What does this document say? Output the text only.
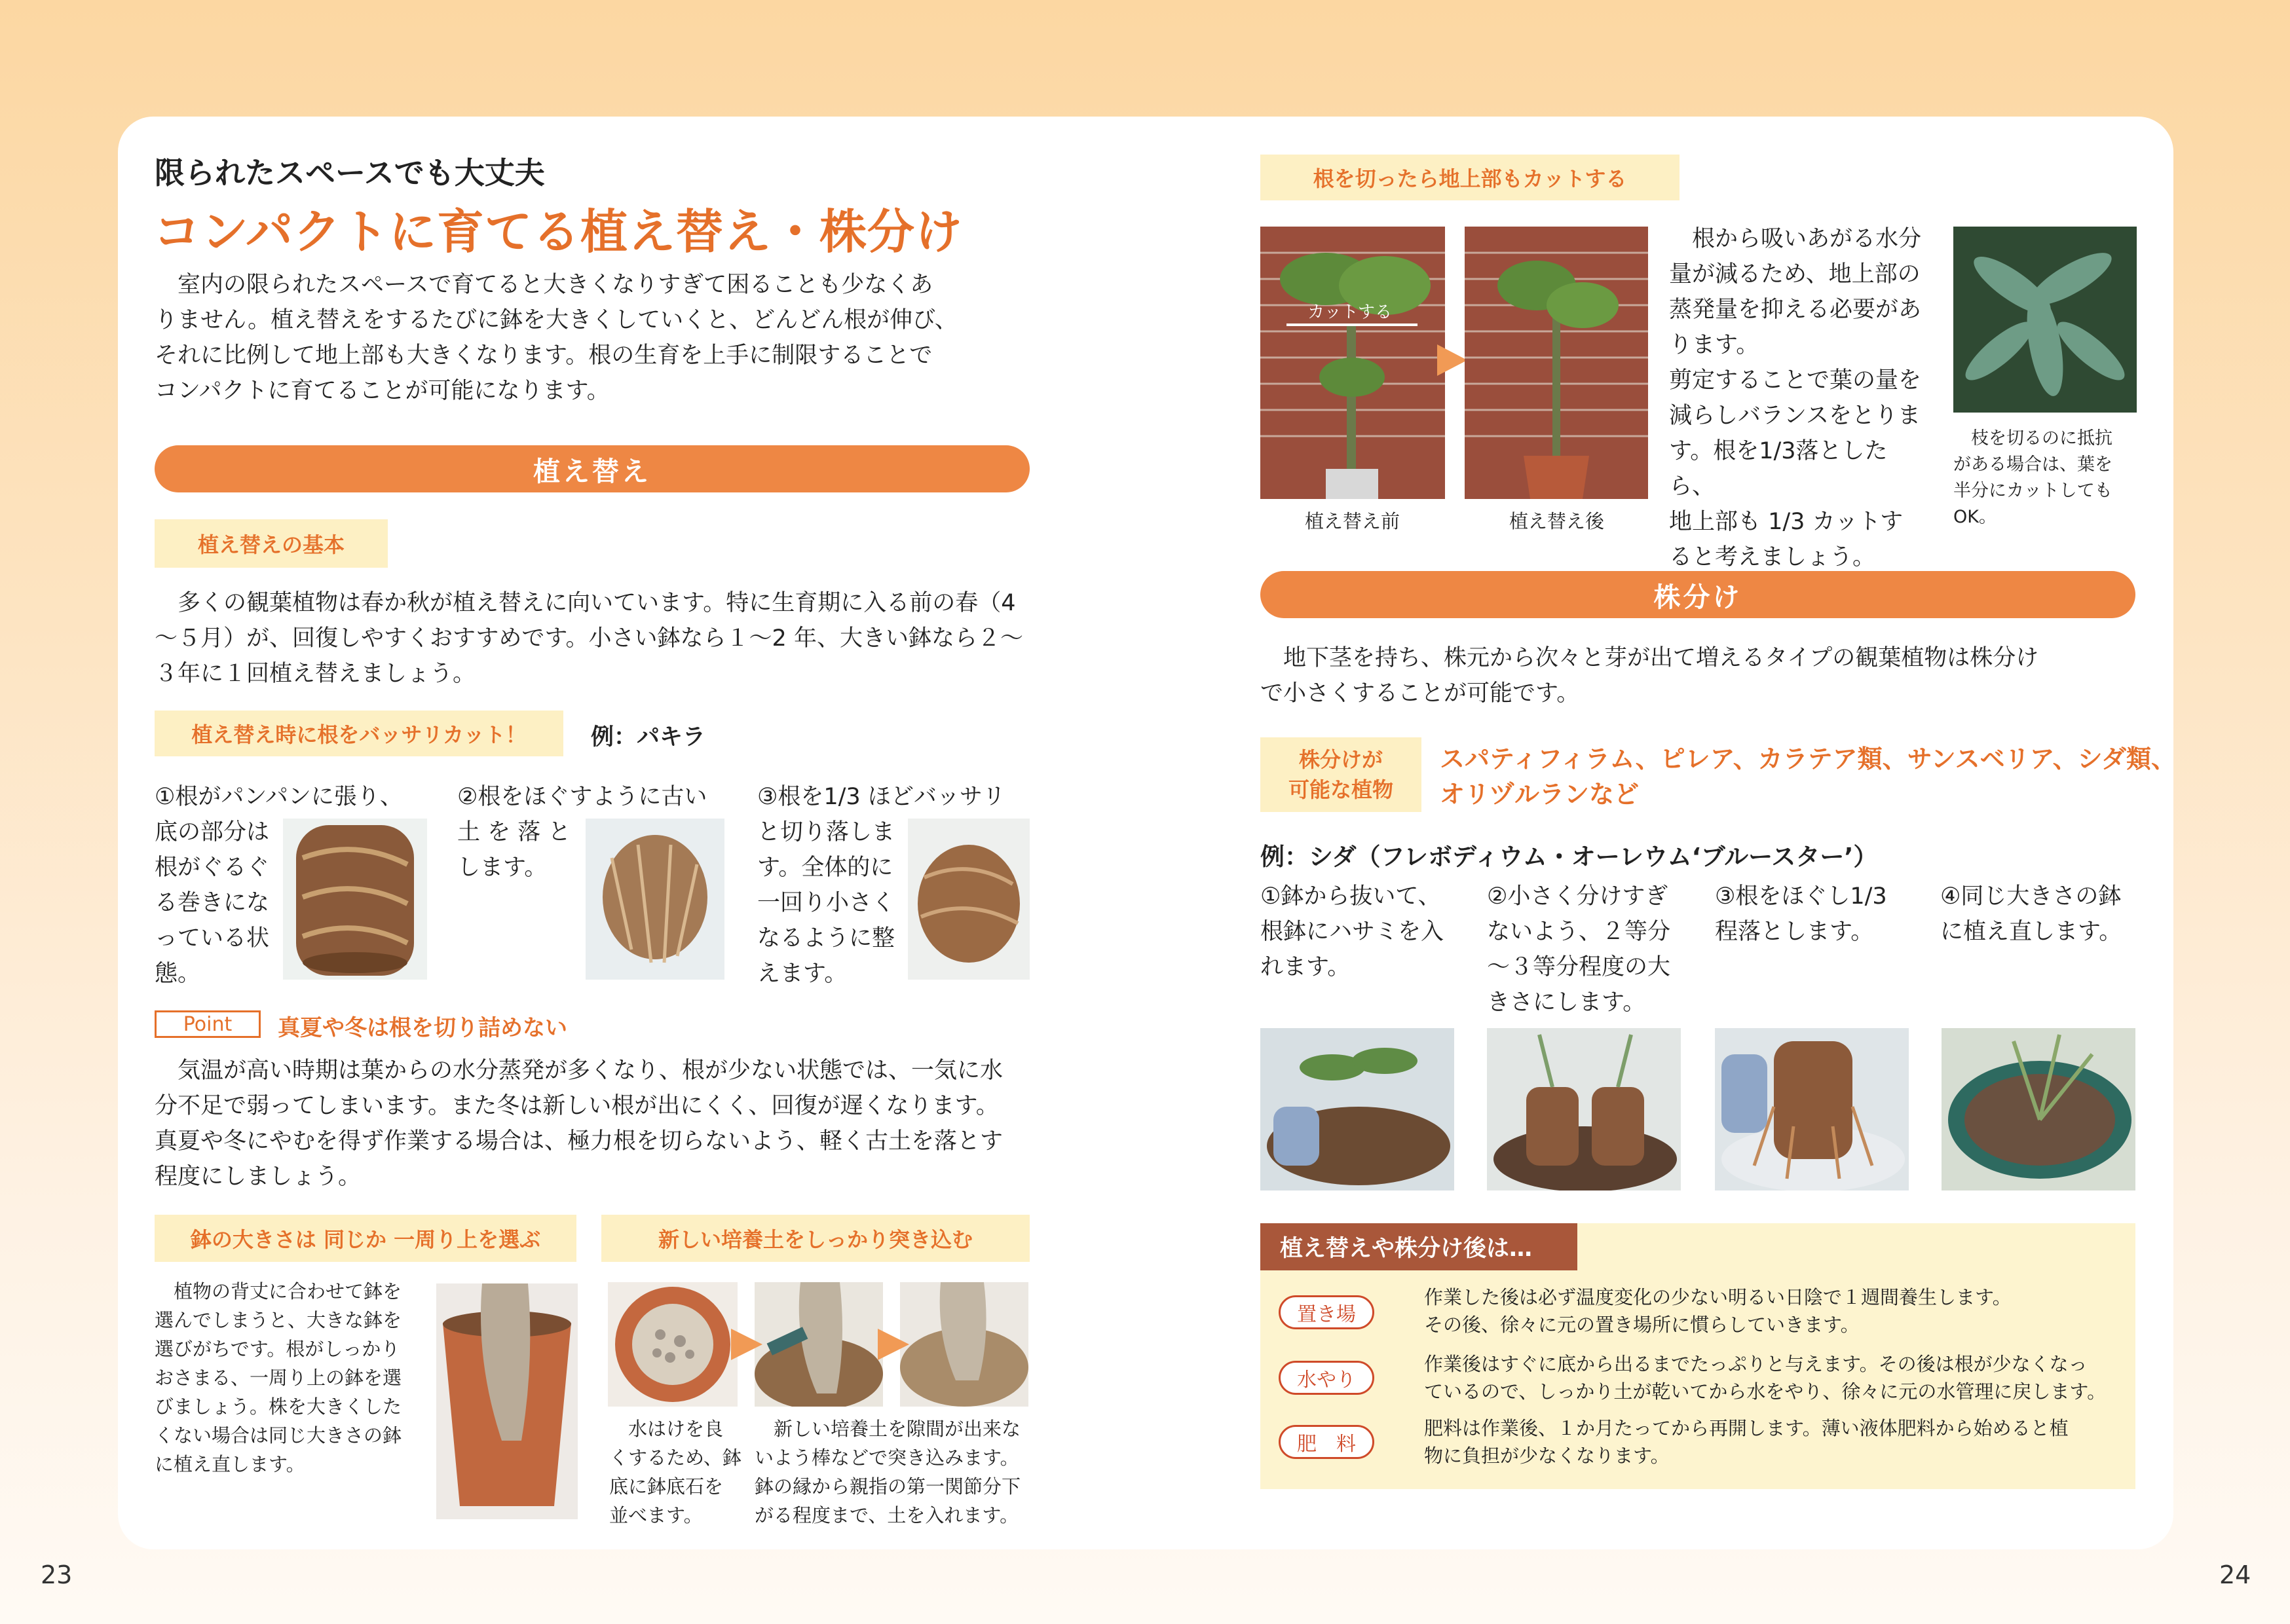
23	24
限られたスペースでも大丈夫
コンパクトに育てる植え替え・株分け
　室内の限られたスペースで育てると大きくなりすぎて困ることも少なくあ
りません。植え替えをするたびに鉢を大きくしていくと、どんどん根が伸び、
それに比例して地上部も大きくなります。根の生育を上手に制限することで
コンパクトに育てることが可能になります。
植え替え
植え替えの基本
　多くの観葉植物は春か秋が植え替えに向いています。特に生育期に入る前の春（4
～５月）が、回復しやすくおすすめです。小さい鉢なら１～2 年、大きい鉢なら２～
３年に１回植え替えましょう。
植え替え時に根をバッサリカット！	例：パキラ
①根がパンパンに張り、
底の部分は
根がぐるぐ
る巻きにな
っている状
態。
②根をほぐすように古い
土 を 落 と
します。
③根を1/3 ほどバッサリ
と切り落しま
す。全体的に
一回り小さく
なるように整
えます。
Point	真夏や冬は根を切り詰めない
　気温が高い時期は葉からの水分蒸発が多くなり、根が少ない状態では、一気に水
分不足で弱ってしまいます。また冬は新しい根が出にくく、回復が遅くなります。
真夏や冬にやむを得ず作業する場合は、極力根を切らないよう、軽く古土を落とす
程度にしましょう。
鉢の大きさは 同じか 一周り上を選ぶ
　植物の背丈に合わせて鉢を
選んでしまうと、大きな鉢を
選びがちです。根がしっかり
おさまる、一周り上の鉢を選
びましょう。株を大きくした
くない場合は同じ大きさの鉢
に植え直します。
新しい培養土をしっかり突き込む
　水はけを良
くするため、鉢
底に鉢底石を
並べます。
　新しい培養土を隙間が出来な
いよう棒などで突き込みます。
鉢の縁から親指の第一関節分下
がる程度まで、土を入れます。
根を切ったら地上部もカットする
カットする
植え替え前	植え替え後
　根から吸いあがる水分
量が減るため、地上部の
蒸発量を抑える必要があ
ります。
剪定することで葉の量を
減らしバランスをとりま
す。根を1/3落としたら、
地上部も 1/3 カットす
ると考えましょう。
　枝を切るのに抵抗
がある場合は、葉を
半分にカットしても
OK。
株分け
　地下茎を持ち、株元から次々と芽が出て増えるタイプの観葉植物は株分け
で小さくすることが可能です。
株分けが
可能な植物
スパティフィラム、ピレア、カラテア類、サンスベリア、シダ類、
オリヅルランなど
例：シダ（フレボディウム・オーレウム‘ブルースター’）
①鉢から抜いて、
根鉢にハサミを入
れます。
②小さく分けすぎ
ないよう、２等分
～３等分程度の大
きさにします。
③根をほぐし1/3
程落とします。
④同じ大きさの鉢
に植え直します。
植え替えや株分け後は…
置き場
作業した後は必ず温度変化の少ない明るい日陰で１週間養生します。
その後、徐々に元の置き場所に慣らしていきます。
水やり
作業後はすぐに底から出るまでたっぷりと与えます。その後は根が少なくなっ
ているので、しっかり土が乾いてから水をやり、徐々に元の水管理に戻します。
肥　料
肥料は作業後、１か月たってから再開します。薄い液体肥料から始めると植
物に負担が少なくなります。
